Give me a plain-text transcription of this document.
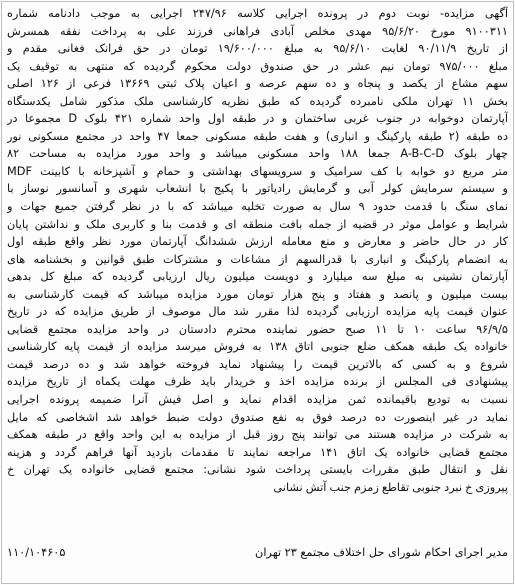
آگهی مزایده- نوبت دوم در پرونده اجرایی کلاسه ۲۴۷/۹۶ اجرایی به موجب دادنامه شماره
۹۱۰۰۳۱۱ مورخ ۹۵/۶/۲۰ مهدی مخلص آبادی فراهانی فرزند علی به پرداخت نفقه همسرش
از تاریخ ۹۰/۱۱/۹ لغایت ۹۵/۶/۱۰ به مبلغ ۱۹/۶۰۰/۰۰۰ تومان در حق فرانک فغانی مقدم و
مبلغ ۹۷۵/۰۰۰ تومان نیم عشر در حق صندوق دولت محکوم گردیده که منتهی به توقیف یک
سهم مشاع از یکصد و پنجاه و ده سهم عرصه و اعیان پلاک ثبتی ۱۳۶۶۹ فرعی از ۱۲۶ اصلی
بخش ۱۱ تهران ملکی نامبرده گردیده که طبق نظریه کارشناسی ملک مذکور شامل یکدستگاه
آپارتمان دوخوابه در جنوب غربی ساختمان و در طبقه اول واحد شماره ۴۲۱ بلوک D مجموعا در
ده طبقه (۲ طبقه پارکینگ و انباری) و هفت طبقه مسکونی جمعا ۴۷ واحد در مجتمع مسکونی نور
چهار بلوک A-B-C-D جمعا ۱۸۸ واحد مسکونی میباشد و واحد مورد مزایده به مساحت ۸۲
متر مربع دو خوابه با کف سرامیک و سرویسهای بهداشتی و حمام و آشپزخانه با کابینت MDF
و سیستم سرمایش کولر آبی و گرمایش رادیاتور با پکیج با انشعاب شهری و آسانسور نوساز با
نمای سنگ با قدمت حدود ۹ سال به صورت تخلیه میباشد که با در نظر گرفتن جمیع جهات و
شرایط و عوامل موثر در قضیه از جمله بافت منطقه ای و قدمت بنا و کاربری ملک و نداشتن پایان
کار در حال حاضر و معارض و منع معامله ارزش ششدانگ آپارتمان مورد نظر واقع طبقه اول
به انضمام پارکینگ و انباری با قدرالسهم از مشاعات و مشترکات طبق قوانین و بخشنامه های
آپارتمان نشینی به مبلغ سه میلیارد و دویست میلیون ریال ارزیابی گردیده که مبلغ کل بدهی
بیست میلیون و پانصد و هفتاد و پنج هزار تومان مورد مزایده میباشد که قیمت کارشناسی به
عنوان قیمت پایه مزایده ارزیابی گردیده لذا مقرر شد مال موصوف از طریق مزایده که در تاریخ
۹۶/۹/۵ ساعت ۱۰ تا ۱۱ صبح حضور نماینده محترم دادستان در واحد مزایده مجتمع قضایی
خانواده یک طبقه همکف ضلع جنوبی اتاق ۱۳۸ به فروش میرسد مزایده از قیمت پایه کارشناسی
شروع و به کسی که بالاترین قیمت را پیشنهاد نماید فروخته خواهد شد و ده درصد قیمت
پیشنهادی فی المجلس از برنده مزایده اخذ و خریدار باید ظرف مهلت یکماه از تاریخ مزایده
نسبت به تودیع باقیمانده ثمن مزایده اقدام نماید و اصل فیش آنرا ضمیمه پرونده اجرایی
نماید در غیر اینصورت ده درصد فوق به نفع صندوق دولت ضبط خواهد شد اشخاصی که مایل
به شرکت در مزایده هستند می توانند پنج روز قبل از مزایده به این واحد واقع در طبقه همکف
مجتمع قضایی خانواده یک اتاق ۱۴۱ مراجعه نمایند تا مقدمات بازدید آنها فراهم گردد و هزینه
نقل و انتقال طبق مقررات بایستی پرداخت شود نشانی: مجتمع قضایی خانواده یک تهران خ
پیروزی خ نبرد جنوبی تقاطع زمزم جنب آتش نشانی
مدیر اجرای احکام شورای حل اختلاف مجتمع ۲۳ تهران
۱۱۰/۱۰۴۶۰۵
